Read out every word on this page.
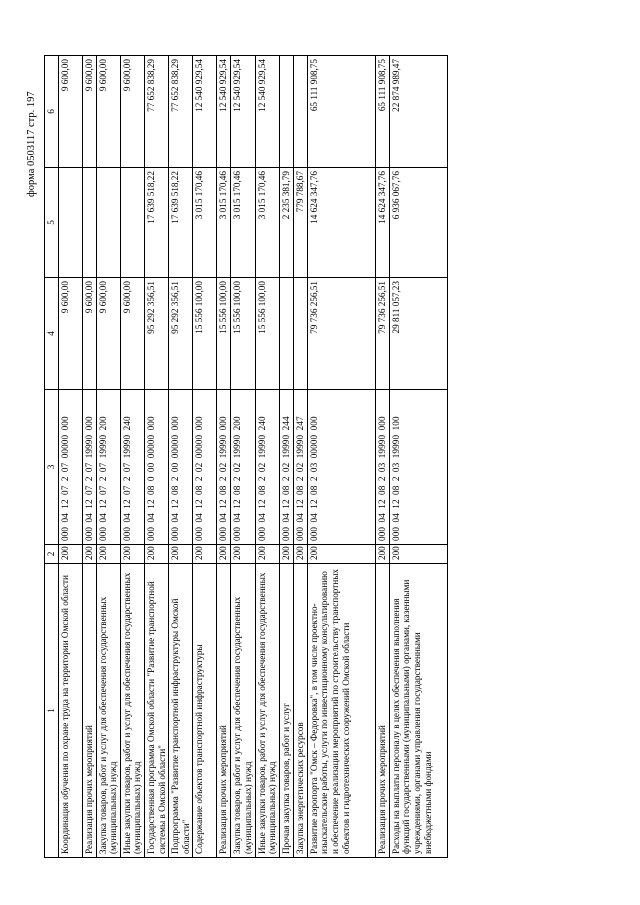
форма 0503117 стр. 197
1	2	3	4	5	6
Координация обучения по охране труда на территории Омской области	200	000 04 12 07 2 07 00000 000	9 600,00		9 600,00
Реализация прочих мероприятий	200	000 04 12 07 2 07 19990 000	9 600,00		9 600,00
Закупка товаров, работ и услуг для обеспечения государственных (муниципальных) нужд	200	000 04 12 07 2 07 19990 200	9 600,00		9 600,00
Иные закупки товаров, работ и услуг для обеспечения государственных (муниципальных) нужд	200	000 04 12 07 2 07 19990 240	9 600,00		9 600,00
Государственная программа Омской области "Развитие транспортной системы в Омской области"	200	000 04 12 08 0 00 00000 000	95 292 356,51	17 639 518,22	77 652 838,29
Подпрограмма "Развитие транспортной инфраструктуры Омской области"	200	000 04 12 08 2 00 00000 000	95 292 356,51	17 639 518,22	77 652 838,29
Содержание объектов транспортной инфраструктуры	200	000 04 12 08 2 02 00000 000	15 556 100,00	3 015 170,46	12 540 929,54
Реализация прочих мероприятий	200	000 04 12 08 2 02 19990 000	15 556 100,00	3 015 170,46	12 540 929,54
Закупка товаров, работ и услуг для обеспечения государственных (муниципальных) нужд	200	000 04 12 08 2 02 19990 200	15 556 100,00	3 015 170,46	12 540 929,54
Иные закупки товаров, работ и услуг для обеспечения государственных (муниципальных) нужд	200	000 04 12 08 2 02 19990 240	15 556 100,00	3 015 170,46	12 540 929,54
Прочая закупка товаров, работ и услуг	200	000 04 12 08 2 02 19990 244		2 235 381,79	
Закупка энергетических ресурсов	200	000 04 12 08 2 02 19990 247		779 788,67	
Развитие аэропорта "Омск – Федоровка", в том числе проектно-изыскательские работы, услуги по инвестиционному консультированию и обеспечение реализации мероприятий по строительству транспортных объектов и гидротехнических сооружений Омской области	200	000 04 12 08 2 03 00000 000	79 736 256,51	14 624 347,76	65 111 908,75
Реализация прочих мероприятий	200	000 04 12 08 2 03 19990 000	79 736 256,51	14 624 347,76	65 111 908,75
Расходы на выплаты персоналу в целях обеспечения выполнения функций государственными (муниципальными) органами, казенными учреждениями, органами управления государственными внебюджетными фондами	200	000 04 12 08 2 03 19990 100	29 811 057,23	6 936 067,76	22 874 989,47
